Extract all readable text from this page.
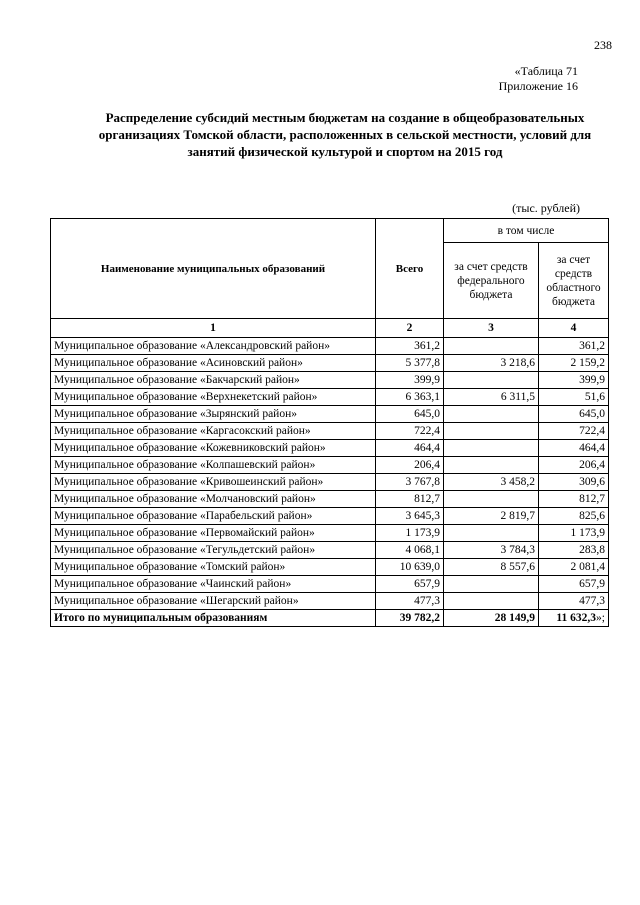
238
«Таблица 71
Приложение 16
Распределение субсидий местным бюджетам на создание в общеобразовательных организациях Томской области, расположенных в сельской местности, условий для занятий физической культурой и спортом на 2015 год
(тыс. рублей)
Наименование муниципальных образований	Всего	в том числе	
		за счет средств федерального бюджета	за счет средств областного бюджета
1	2	3	4
Муниципальное образование «Александровский район»	361,2		361,2
Муниципальное образование «Асиновский район»	5 377,8	3 218,6	2 159,2
Муниципальное образование «Бакчарский район»	399,9		399,9
Муниципальное образование «Верхнекетский район»	6 363,1	6 311,5	51,6
Муниципальное образование «Зырянский район»	645,0		645,0
Муниципальное образование «Каргасокский район»	722,4		722,4
Муниципальное образование «Кожевниковский район»	464,4		464,4
Муниципальное образование «Колпашевский район»	206,4		206,4
Муниципальное образование «Кривошеинский район»	3 767,8	3 458,2	309,6
Муниципальное образование «Молчановский район»	812,7		812,7
Муниципальное образование «Парабельский район»	3 645,3	2 819,7	825,6
Муниципальное образование «Первомайский район»	1 173,9		1 173,9
Муниципальное образование «Тегульдетский район»	4 068,1	3 784,3	283,8
Муниципальное образование «Томский район»	10 639,0	8 557,6	2 081,4
Муниципальное образование «Чаинский район»	657,9		657,9
Муниципальное образование «Шегарский район»	477,3		477,3
Итого по муниципальным образованиям	39 782,2	28 149,9	11 632,3»;
